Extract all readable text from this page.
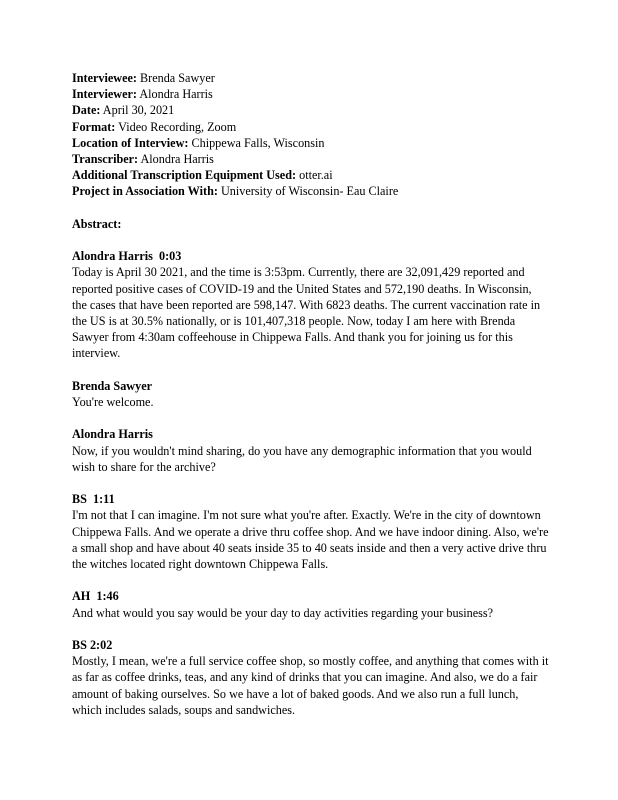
Interviewee: Brenda Sawyer

Interviewer: Alondra Harris

Date: April 30, 2021

Format: Video Recording, Zoom

Location of Interview: Chippewa Falls, Wisconsin

Transcriber: Alondra Harris

Additional Transcription Equipment Used: otter.ai

Project in Association With: University of Wisconsin- Eau Claire

Abstract:

Alondra Harris  0:03

Today is April 30 2021, and the time is 3:53pm. Currently, there are 32,091,429 reported and reported positive cases of COVID-19 and the United States and 572,190 deaths. In Wisconsin, the cases that have been reported are 598,147. With 6823 deaths. The current vaccination rate in the US is at 30.5% nationally, or is 101,407,318 people. Now, today I am here with Brenda Sawyer from 4:30am coffeehouse in Chippewa Falls. And thank you for joining us for this interview.

Brenda Sawyer

You're welcome.

Alondra Harris

Now, if you wouldn't mind sharing, do you have any demographic information that you would wish to share for the archive?

BS  1:11

I'm not that I can imagine. I'm not sure what you're after. Exactly. We're in the city of downtown Chippewa Falls. And we operate a drive thru coffee shop. And we have indoor dining. Also, we're a small shop and have about 40 seats inside 35 to 40 seats inside and then a very active drive thru the witches located right downtown Chippewa Falls.

AH  1:46

And what would you say would be your day to day activities regarding your business?

BS 2:02

Mostly, I mean, we're a full service coffee shop, so mostly coffee, and anything that comes with it as far as coffee drinks, teas, and any kind of drinks that you can imagine. And also, we do a fair amount of baking ourselves. So we have a lot of baked goods. And we also run a full lunch, which includes salads, soups and sandwiches.
